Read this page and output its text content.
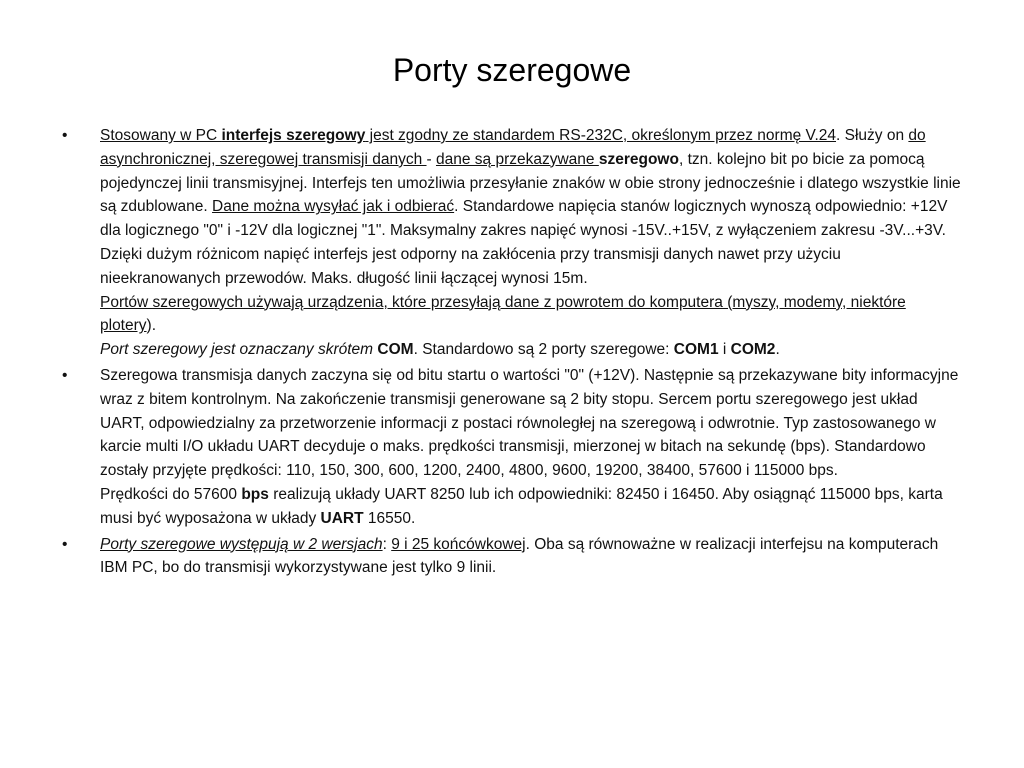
Porty szeregowe
•	Stosowany w PC interfejs szeregowy jest zgodny ze standardem RS-232C, określonym przez normę V.24. Służy on do asynchronicznej, szeregowej transmisji danych - dane są przekazywane szeregowo, tzn. kolejno bit po bicie za pomocą pojedynczej linii transmisyjnej. Interfejs ten umożliwia przesyłanie znaków w obie strony jednocześnie i dlatego wszystkie linie są zdublowane. Dane można wysyłać jak i odbierać. Standardowe napięcia stanów logicznych wynoszą odpowiednio: +12V dla logicznego "0" i -12V dla logicznej "1". Maksymalny zakres napięć wynosi -15V..+15V, z wyłączeniem zakresu -3V...+3V. Dzięki dużym różnicom napięć interfejs jest odporny na zakłócenia przy transmisji danych nawet przy użyciu nieekranowanych przewodów. Maks. długość linii łączącej wynosi 15m.
Portów szeregowych używają urządzenia, które przesyłają dane z powrotem do komputera (myszy, modemy, niektóre plotery).
Port szeregowy jest oznaczany skrótem COM. Standardowo są 2 porty szeregowe: COM1 i COM2.
•	Szeregowa transmisja danych zaczyna się od bitu startu o wartości "0" (+12V). Następnie są przekazywane bity informacyjne wraz z bitem kontrolnym. Na zakończenie transmisji generowane są 2 bity stopu. Sercem portu szeregowego jest układ UART, odpowiedzialny za przetworzenie informacji z postaci równoległej na szeregową i odwrotnie. Typ zastosowanego w karcie multi I/O układu UART decyduje o maks. prędkości transmisji, mierzonej w bitach na sekundę (bps). Standardowo zostały przyjęte prędkości: 110, 150, 300, 600, 1200, 2400, 4800, 9600, 19200, 38400, 57600 i 115000 bps.
Prędkości do 57600 bps realizują układy UART 8250 lub ich odpowiedniki: 82450 i 16450. Aby osiągnąć 115000 bps, karta musi być wyposażona w układy UART 16550.
•	Porty szeregowe występują w 2 wersjach: 9 i 25 końcówkowej. Oba są równoważne w realizacji interfejsu na komputerach IBM PC, bo do transmisji wykorzystywane jest tylko 9 linii.
